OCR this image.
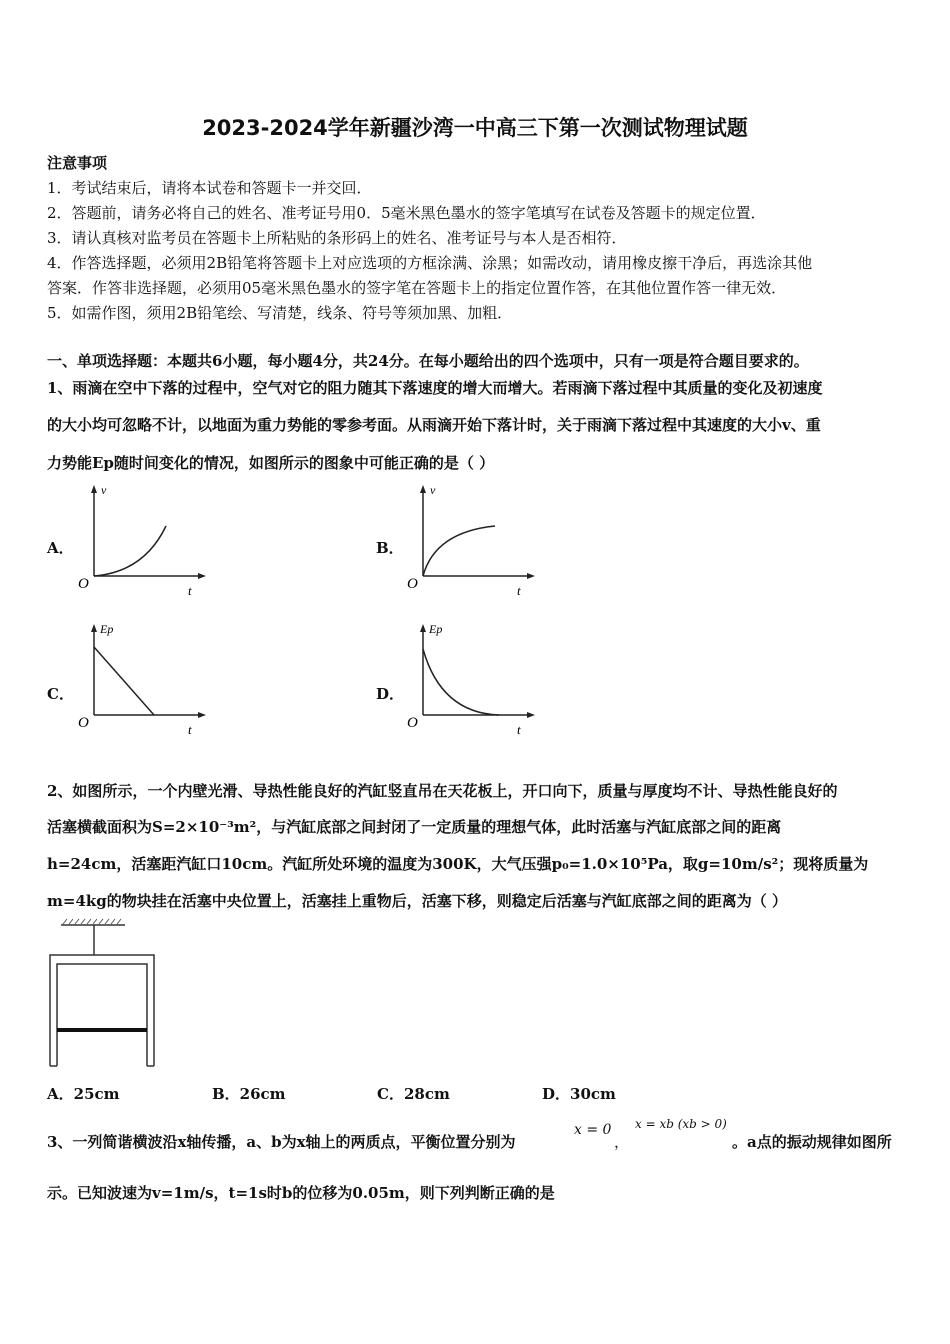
2023-2024学年新疆沙湾一中高三下第一次测试物理试题
注意事项
1．考试结束后，请将本试卷和答题卡一并交回．
2．答题前，请务必将自己的姓名、准考证号用0．5毫米黑色墨水的签字笔填写在试卷及答题卡的规定位置．
3．请认真核对监考员在答题卡上所粘贴的条形码上的姓名、准考证号与本人是否相符．
4．作答选择题，必须用2B铅笔将答题卡上对应选项的方框涂满、涂黑；如需改动，请用橡皮擦干净后，再选涂其他
答案．作答非选择题，必须用05毫米黑色墨水的签字笔在答题卡上的指定位置作答，在其他位置作答一律无效．
5．如需作图，须用2B铅笔绘、写清楚，线条、符号等须加黑、加粗．
一、单项选择题：本题共6小题，每小题4分，共24分。在每小题给出的四个选项中，只有一项是符合题目要求的。
1、雨滴在空中下落的过程中，空气对它的阻力随其下落速度的增大而增大。若雨滴下落过程中其质量的变化及初速度
的大小均可忽略不计，以地面为重力势能的零参考面。从雨滴开始下落计时，关于雨滴下落过程中其速度的大小v、重
力势能Ep随时间变化的情况，如图所示的图象中可能正确的是（ ）
A．	B．
C．	D．
v
O	t
v
O	t
Ep
O	t
Ep
O	t
2、如图所示，一个内壁光滑、导热性能良好的汽缸竖直吊在天花板上，开口向下，质量与厚度均不计、导热性能良好的
活塞横截面积为S=2×10⁻³m²，与汽缸底部之间封闭了一定质量的理想气体，此时活塞与汽缸底部之间的距离
h=24cm，活塞距汽缸口10cm。汽缸所处环境的温度为300K，大气压强p₀=1.0×10⁵Pa，取g=10m/s²；现将质量为
m=4kg的物块挂在活塞中央位置上，活塞挂上重物后，活塞下移，则稳定后活塞与汽缸底部之间的距离为（ ）
A．25cm	B．26cm	C．28cm	D．30cm
3、一列简谐横波沿x轴传播，a、b为x轴上的两质点，平衡位置分别为
x = 0
，
x = xb (xb > 0)
。a点的振动规律如图所
示。已知波速为v=1m/s，t=1s时b的位移为0.05m，则下列判断正确的是
